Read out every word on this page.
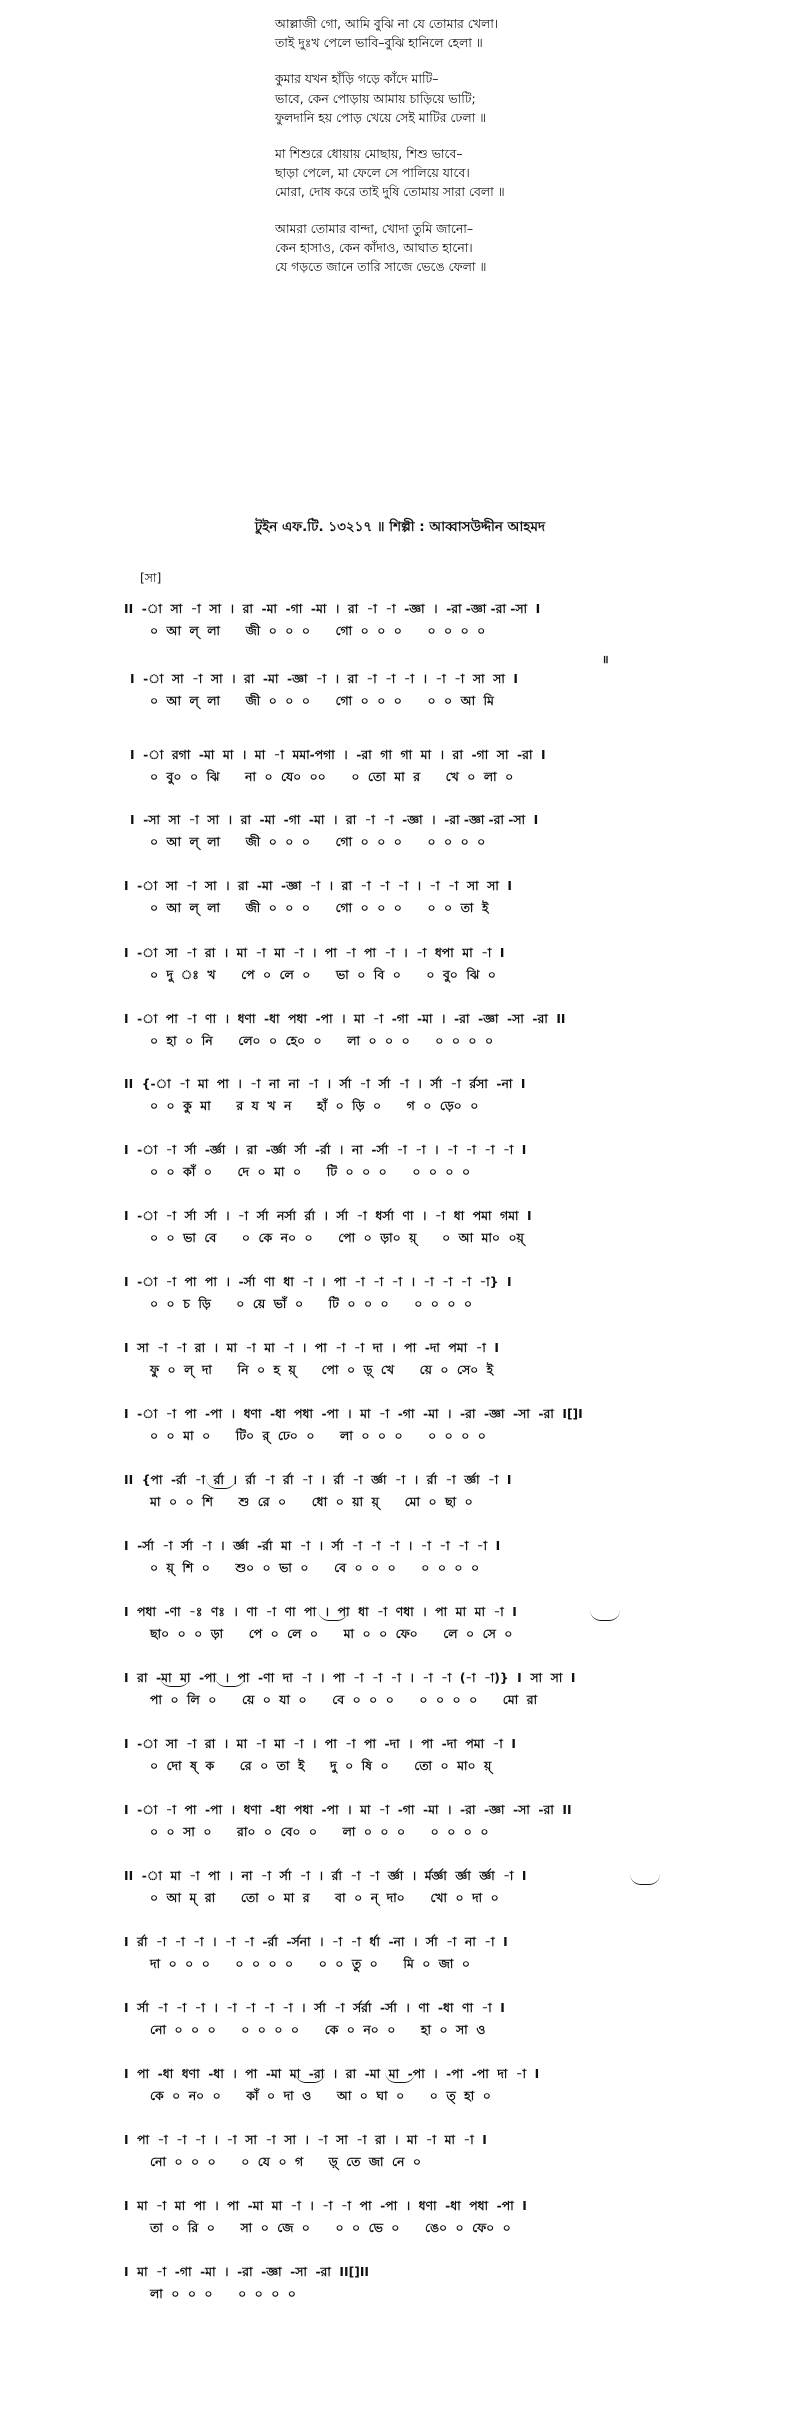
আল্লাজী গো, আমি বুঝি না যে তোমার খেলা।
তাই দুঃখ পেলে ভাবি–বুঝি হানিলে হেলা ॥
কুমার যখন হাঁড়ি গড়ে কাঁদে মাটি–
ভাবে, কেন পোড়ায় আমায় চাড়িয়ে ভাটি;
ফুলদানি হয় পোড় খেয়ে সেই মাটির ঢেলা ॥
মা শিশুরে ধোয়ায় মোছায়, শিশু ভাবে–
ছাড়া পেলে, মা ফেলে সে পালিয়ে যাবে।
মোরা, দোষ করে তাই দুষি তোমায় সারা বেলা ॥
আমরা তোমার বান্দা, খোদা তুমি জানো–
কেন হাসাও, কেন কাঁদাও, আঘাত হানো।
যে গড়তে জানে তারি সাজে ভেঙে ফেলা ॥
টুইন এফ.টি. ১৩২১৭ ॥ শিল্পী : আব্বাসউদ্দীন আহমদ
[সা]
II  -া  সা  -া  সা  ।  রা  -মা  -গা  -মা  ।  রা  -া  -া  -জ্ঞা  ।  -রা -জ্ঞা -রা -সা  I
০  আ  ল্‌  লা      জী  ০  ০  ০      গো  ০  ০  ০      ০  ০  ০  ০
॥
I  -া  সা  -া  সা  ।  রা  -মা  -জ্ঞা  -া  ।  রা  -া  -া  -া  ।  -া  -া  সা  সা  I
০  আ  ল্‌  লা      জী  ০  ০  ০      গো  ০  ০  ০      ০  ০  আ  মি
I  -া  রগা  -মা  মা  ।  মা  -া  মমা-পগা  ।  -রা  গা  গা  মা  ।  রা  -গা  সা  -রা  I
০  বু০  ০  ঝি      না  ০  যে০  ০০      ০  তো  মা  র      খে  ০  লা  ০
I  -সা  সা  -া  সা  ।  রা  -মা  -গা  -মা  ।  রা  -া  -া  -জ্ঞা  ।  -রা -জ্ঞা -রা -সা  I
০  আ  ল্‌  লা      জী  ০  ০  ০      গো  ০  ০  ০      ০  ০  ০  ০
I  -া  সা  -া  সা  ।  রা  -মা  -জ্ঞা  -া  ।  রা  -া  -া  -া  ।  -া  -া  সা  সা  I
০  আ  ল্‌  লা      জী  ০  ০  ০      গো  ০  ০  ০      ০  ০  তা  ই
I  -া  সা  -া  রা  ।  মা  -া  মা  -া  ।  পা  -া  পা  -া  ।  -া  ধপা  মা  -া  I
০  দু  ঃ  খ      পে  ০  লে  ০      ভা  ০  বি  ০      ০  বু০  ঝি  ০
I  -া  পা  -া  ণা  ।  ধণা  -ধা  পধা  -পা  ।  মা  -া  -গা  -মা  ।  -রা  -জ্ঞা  -সা  -রা  II
০  হা  ০  নি      লে০  ০  হে০  ০      লা  ০  ০  ০      ০  ০  ০  ০
II  {-া  -া  মা  পা  ।  -া  না  না  -া  ।  র্সা  -া  র্সা  -া  ।  র্সা  -া  র্রসা  -না  I
০  ০  কু  মা      র  য  খ  ন      হাঁ  ০  ড়ি  ০      গ  ০  ড়ে০  ০
I  -া  -া  র্সা  -র্জ্ঞা  ।  রা  -র্জ্ঞা  র্সা  -র্রা  ।  না  -র্সা  -া  -া  ।  -া  -া  -া  -া  I
০  ০  কাঁ  ০      দে  ০  মা  ০      টি  ০  ০  ০      ০  ০  ০  ০
I  -া  -া  র্সা  র্সা  ।  -া  র্সা  নর্সা  র্রা  ।  র্সা  -া  ধর্সা  ণা  ।  -া  ধা  পমা  গমা  I
০  ০  ভা  বে      ০  কে  ন০  ০      পো  ০  ড়া০  য়্      ০  আ  মা০  ০য়্
I  -া  -া  পা  পা  ।  -র্সা  ণা  ধা  -া  ।  পা  -া  -া  -া  ।  -া  -া  -া  -া}  I
০  ০  চ  ড়ি      ০  য়ে  ভাঁ  ০      টি  ০  ০  ০      ০  ০  ০  ০
I  সা  -া  -া  রা  ।  মা  -া  মা  -া  ।  পা  -া  -া  দা  ।  পা  -দা  পমা  -া  I
ফু  ০  ল্‌  দা      নি  ০  হ  য়্      পো  ০  ড়্  খে      য়ে  ০  সে০  ই
I  -া  -া  পা  -পা  ।  ধণা  -ধা  পধা  -পা  ।  মা  -া  -গা  -মা  ।  -রা  -জ্ঞা  -সা  -রা  I[]I
০  ০  মা  ০      টি০  র্  ঢে০  ০      লা  ০  ০  ০      ০  ০  ০  ০
II  {পা  -র্রা  -া  র্রা  ।  র্রা  -া  র্রা  -া  ।  র্রা  -া  র্জ্ঞা  -া  ।  র্রা  -া  র্জ্ঞা  -া  I
মা  ০  ০  শি      শু  রে  ০      ধো  ০  য়া  য়্      মো  ০  ছা  ০
I  -র্সা  -া  র্সা  -া  ।  র্জ্ঞা  -র্রা  মা  -া  ।  র্সা  -া  -া  -া  ।  -া  -া  -া  -া  I
০  য়্  শি  ০      শু০  ০  ভা  ০      বে  ০  ০  ০      ০  ০  ০  ০
I  পধা  -ণা  -ঃ  ণঃ  ।  ণা  -া  ণা  পা  ।  পা  ধা  -া  ণধা  ।  পা  মা  মা  -া  I
ছা০  ০  ০  ড়া      পে  ০  লে  ০      মা  ০  ০  ফে০      লে  ০  সে  ০
I  রা  -মা  মা  -পা  ।  পা  -ণা  দা  -া  ।  পা  -া  -া  -া  ।  -া  -া  (-া  -া)}  I  সা  সা  I
পা  ০  লি  ০      য়ে  ০  যা  ০      বে  ০  ০  ০      ০  ০  ০  ০      মো  রা
I  -া  সা  -া  রা  ।  মা  -া  মা  -া  ।  পা  -া  পা  -দা  ।  পা  -দা  পমা  -া  I
০  দো  ষ্‌  ক      রে  ০  তা  ই      দু  ০  ষি  ০      তো  ০  মা০  য়্
I  -া  -া  পা  -পা  ।  ধণা  -ধা  পধা  -পা  ।  মা  -া  -গা  -মা  ।  -রা  -জ্ঞা  -সা  -রা  II
০  ০  সা  ০      রা০  ০  বে০  ০      লা  ০  ০  ০      ০  ০  ০  ০
II  -া  মা  -া  পা  ।  না  -া  র্সা  -া  ।  র্রা  -া  -া  র্জ্ঞা  ।  র্মর্জ্ঞা  র্জ্ঞা  র্জ্ঞা  -া  I
০  আ  ম্‌  রা      তো  ০  মা  র      বা  ০  ন্‌  দা০      খো  ০  দা  ০
I  র্রা  -া  -া  -া  ।  -া  -া  -র্রা  -র্সনা  ।  -া  -া  র্ধা  -না  ।  র্সা  -া  না  -া  I
দা  ০  ০  ০      ০  ০  ০  ০      ০  ০  তু  ০      মি  ০  জা  ০
I  র্সা  -া  -া  -া  ।  -া  -া  -া  -া  ।  র্সা  -া  র্সর্রা  -র্সা  ।  ণা  -ধা  ণা  -া  I
নো  ০  ০  ০      ০  ০  ০  ০      কে  ০  ন০  ০      হা  ০  সা  ও
I  পা  -ধা  ধণা  -ধা  ।  পা  -মা  মা  -রা  ।  রা  -মা  মা  -পা  ।  -পা  -পা  দা  -া  I
কে  ০  ন০  ০      কাঁ  ০  দা  ও      আ  ০  ঘা  ০      ০  ত্‌  হা  ০
I  পা  -া  -া  -া  ।  -া  সা  -া  সা  ।  -া  সা  -া  রা  ।  মা  -া  মা  -া  I
নো  ০  ০  ০      ০  যে  ০  গ      ড়্‌  তে  জা  নে  ০
I  মা  -া  মা  পা  ।  পা  -মা  মা  -া  ।  -া  -া  পা  -পা  ।  ধণা  -ধা  পধা  -পা  I
তা  ০  রি  ০      সা  ০  জে  ০      ০  ০  ভে  ০      ঙে০  ০  ফে০  ০
I  মা  -া  -গা  -মা  ।  -রা  -জ্ঞা  -সা  -রা  II[]II
লা  ০  ০  ০      ০  ০  ০  ০
